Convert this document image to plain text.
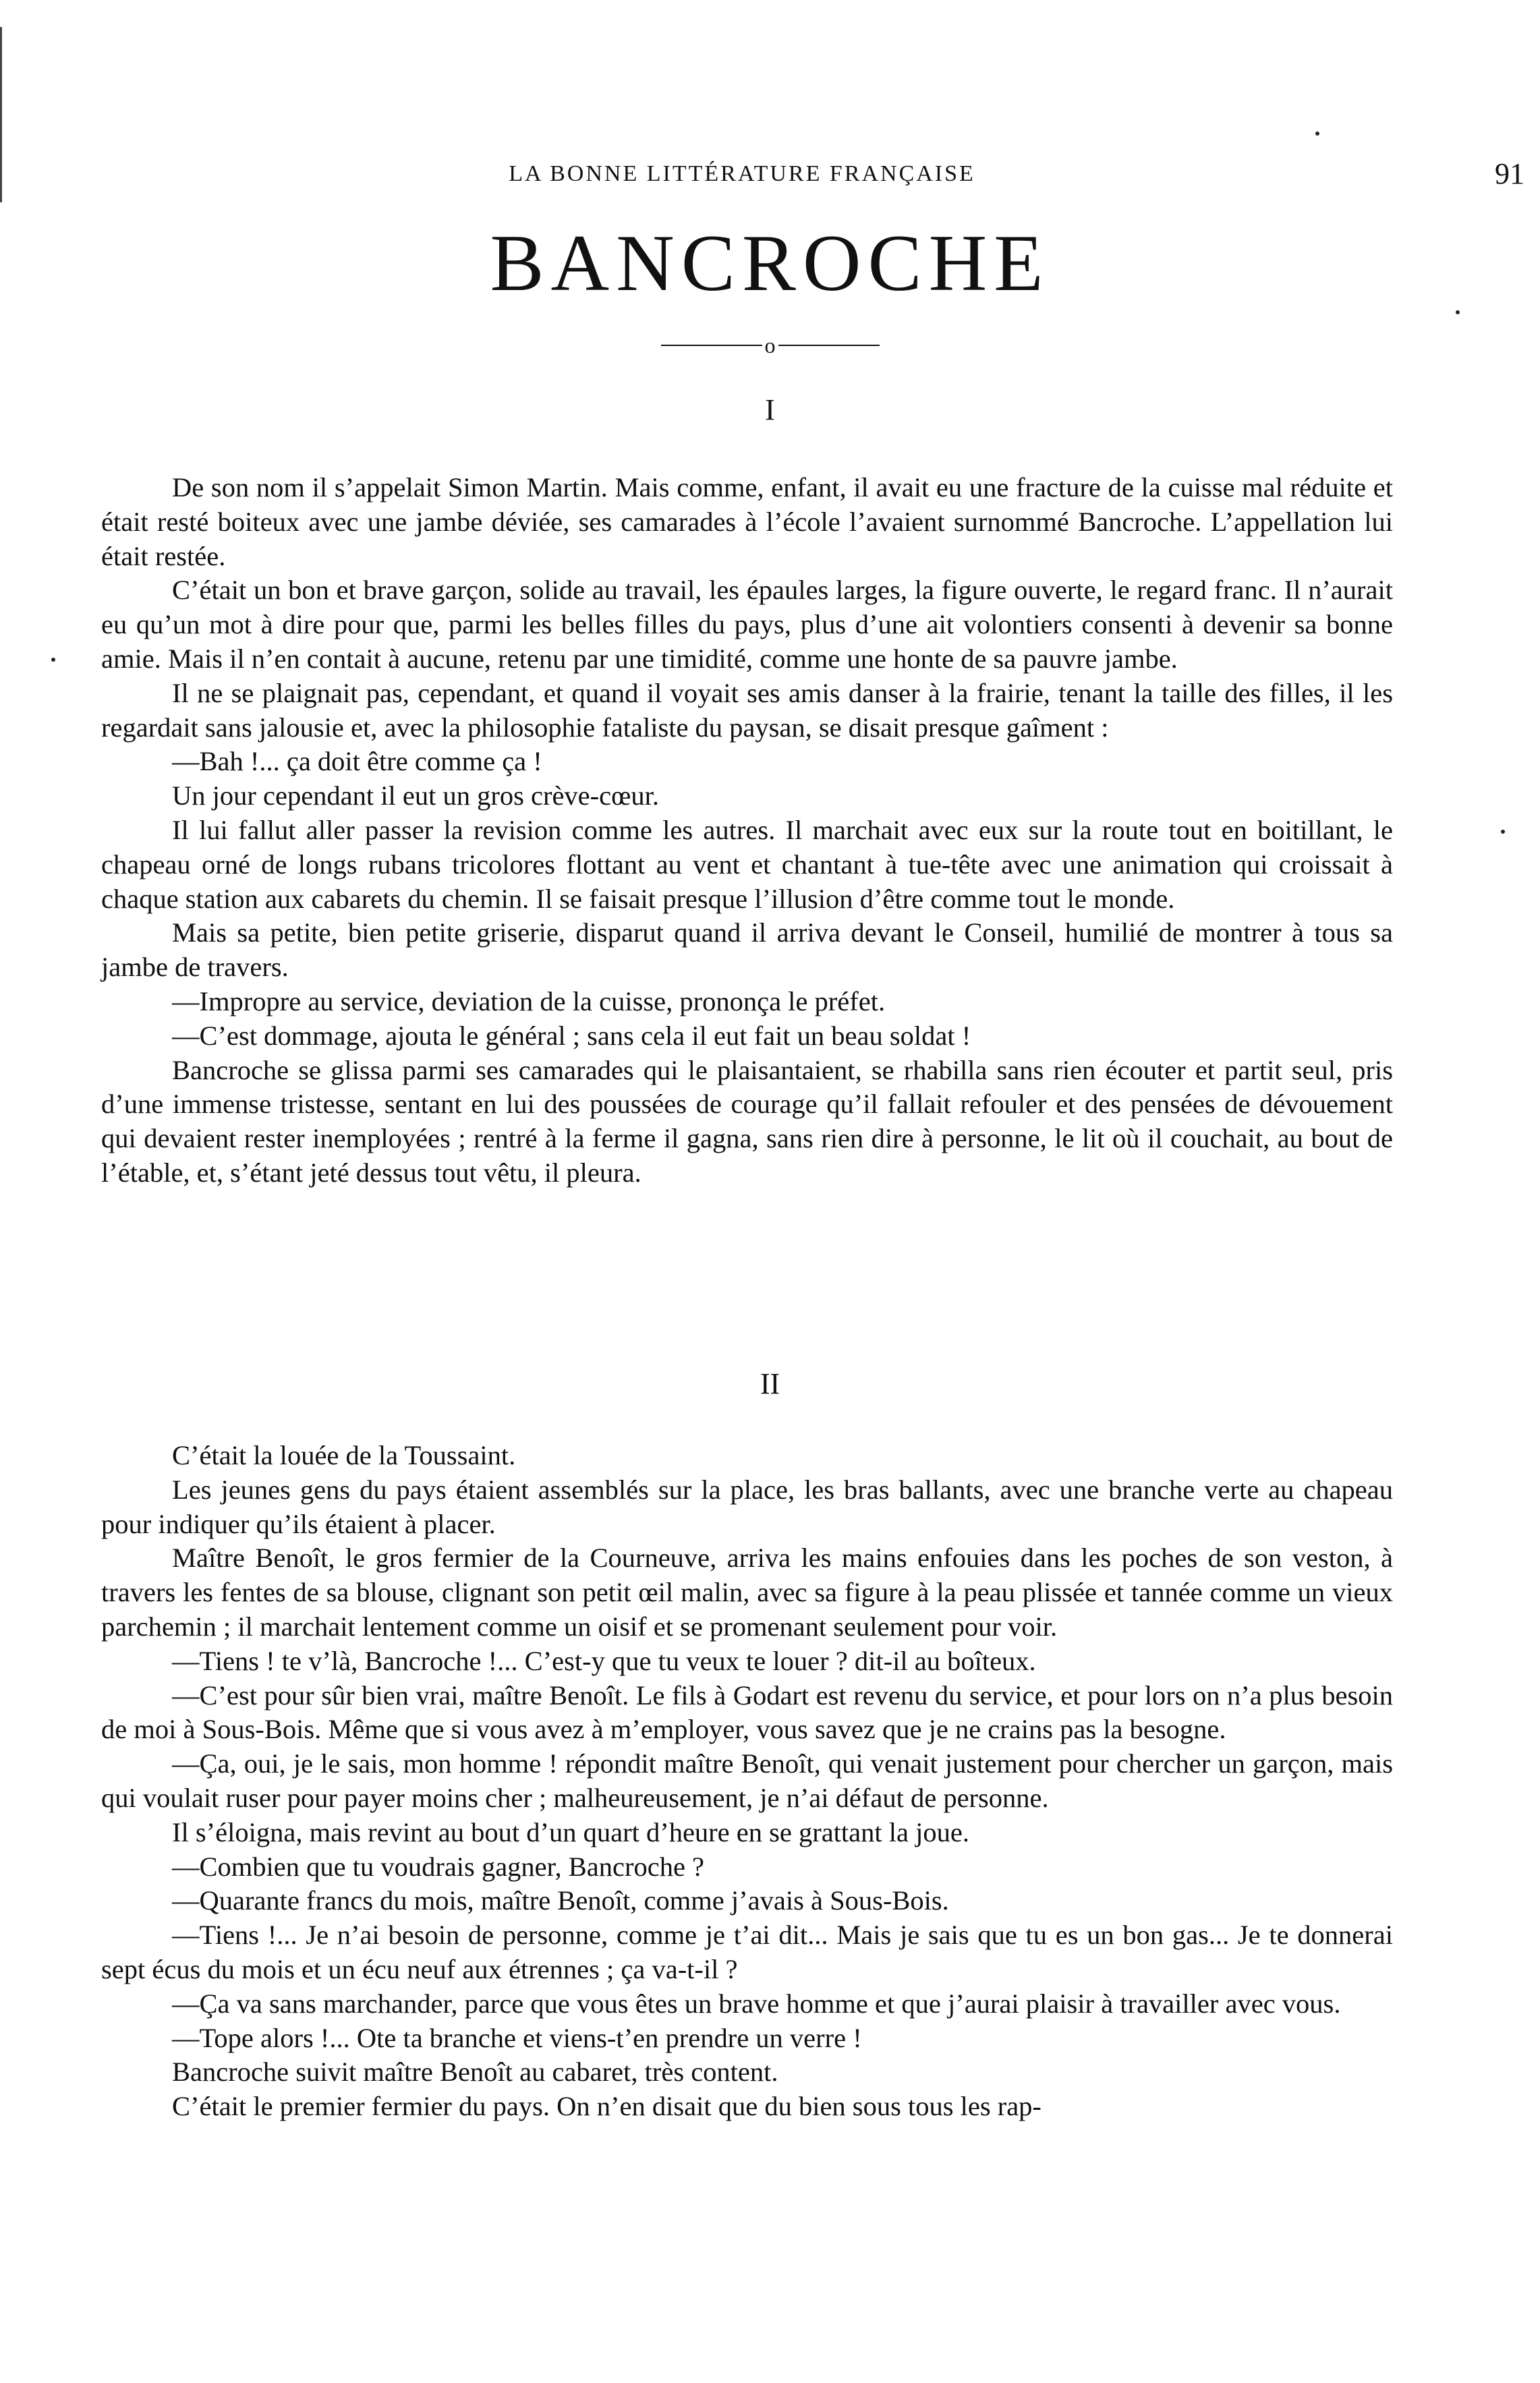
LA BONNE LITTÉRATURE FRANÇAISE	91
BANCROCHE
o
I

De son nom il s’appelait Simon Martin. Mais comme, enfant, il avait eu une fracture de la cuisse mal réduite et était resté boiteux avec une jambe déviée, ses camarades à l’école l’avaient surnommé Bancroche. L’appellation lui était restée.

C’était un bon et brave garçon, solide au travail, les épaules larges, la figure ouverte, le regard franc. Il n’aurait eu qu’un mot à dire pour que, parmi les belles filles du pays, plus d’une ait volontiers consenti à devenir sa bonne amie. Mais il n’en contait à aucune, retenu par une timidité, comme une honte de sa pauvre jambe.

Il ne se plaignait pas, cependant, et quand il voyait ses amis danser à la frairie, tenant la taille des filles, il les regardait sans jalousie et, avec la philosophie fataliste du paysan, se disait presque gaîment :

—Bah !... ça doit être comme ça !

Un jour cependant il eut un gros crève-cœur.

Il lui fallut aller passer la revision comme les autres. Il marchait avec eux sur la route tout en boitillant, le chapeau orné de longs rubans tricolores flottant au vent et chantant à tue-tête avec une animation qui croissait à chaque station aux cabarets du chemin. Il se faisait presque l’illusion d’être comme tout le monde.

Mais sa petite, bien petite griserie, disparut quand il arriva devant le Conseil, humilié de montrer à tous sa jambe de travers.

—Impropre au service, deviation de la cuisse, prononça le préfet.

—C’est dommage, ajouta le général ; sans cela il eut fait un beau soldat !

Bancroche se glissa parmi ses camarades qui le plaisantaient, se rhabilla sans rien écouter et partit seul, pris d’une immense tristesse, sentant en lui des poussées de courage qu’il fallait refouler et des pensées de dévouement qui devaient rester inemployées ; rentré à la ferme il gagna, sans rien dire à personne, le lit où il couchait, au bout de l’étable, et, s’étant jeté dessus tout vêtu, il pleura.

II

C’était la louée de la Toussaint.

Les jeunes gens du pays étaient assemblés sur la place, les bras ballants, avec une branche verte au chapeau pour indiquer qu’ils étaient à placer.

Maître Benoît, le gros fermier de la Courneuve, arriva les mains enfouies dans les poches de son veston, à travers les fentes de sa blouse, clignant son petit œil malin, avec sa figure à la peau plissée et tannée comme un vieux parchemin ; il marchait lentement comme un oisif et se promenant seulement pour voir.

—Tiens ! te v’là, Bancroche !... C’est-y que tu veux te louer ? dit-il au boîteux.

—C’est pour sûr bien vrai, maître Benoît. Le fils à Godart est revenu du service, et pour lors on n’a plus besoin de moi à Sous-Bois. Même que si vous avez à m’employer, vous savez que je ne crains pas la besogne.

—Ça, oui, je le sais, mon homme ! répondit maître Benoît, qui venait justement pour chercher un garçon, mais qui voulait ruser pour payer moins cher ; malheureusement, je n’ai défaut de personne.

Il s’éloigna, mais revint au bout d’un quart d’heure en se grattant la joue.

—Combien que tu voudrais gagner, Bancroche ?

—Quarante francs du mois, maître Benoît, comme j’avais à Sous-Bois.

—Tiens !... Je n’ai besoin de personne, comme je t’ai dit... Mais je sais que tu es un bon gas... Je te donnerai sept écus du mois et un écu neuf aux étrennes ; ça va-t-il ?

—Ça va sans marchander, parce que vous êtes un brave homme et que j’aurai plaisir à travailler avec vous.

—Tope alors !... Ote ta branche et viens-t’en prendre un verre !

Bancroche suivit maître Benoît au cabaret, très content.

C’était le premier fermier du pays. On n’en disait que du bien sous tous les rap-
